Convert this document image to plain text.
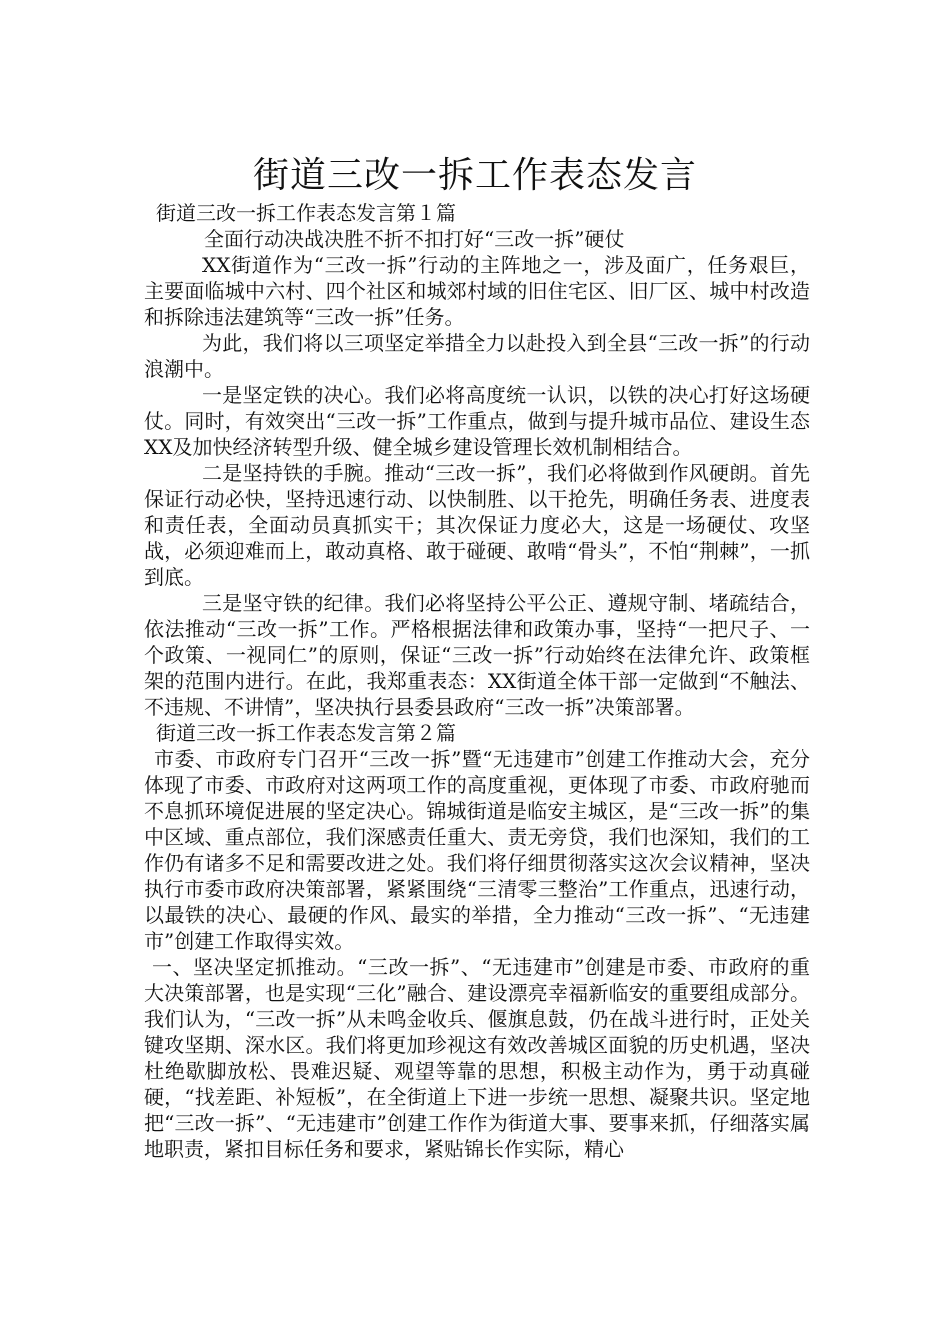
街道三改一拆工作表态发言
街道三改一拆工作表态发言第１篇
全面行动决战决胜不折不扣打好“三改一拆”硬仗

XX街道作为“三改一拆”行动的主阵地之一，涉及面广，任务艰巨，主要面临城中六村、四个社区和城郊村域的旧住宅区、旧厂区、城中村改造和拆除违法建筑等“三改一拆”任务。

为此，我们将以三项坚定举措全力以赴投入到全县“三改一拆”的行动浪潮中。

一是坚定铁的决心。我们必将高度统一认识，以铁的决心打好这场硬仗。同时，有效突出“三改一拆”工作重点，做到与提升城市品位、建设生态XX及加快经济转型升级、健全城乡建设管理长效机制相结合。

二是坚持铁的手腕。推动“三改一拆”，我们必将做到作风硬朗。首先保证行动必快，坚持迅速行动、以快制胜、以干抢先，明确任务表、进度表和责任表，全面动员真抓实干；其次保证力度必大，这是一场硬仗、攻坚战，必须迎难而上，敢动真格、敢于碰硬、敢啃“骨头”，不怕“荆棘”，一抓到底。

三是坚守铁的纪律。我们必将坚持公平公正、遵规守制、堵疏结合，依法推动“三改一拆”工作。严格根据法律和政策办事，坚持“一把尺子、一个政策、一视同仁”的原则，保证“三改一拆”行动始终在法律允许、政策框架的范围内进行。在此，我郑重表态：XX街道全体干部一定做到“不触法、不违规、不讲情”，坚决执行县委县政府“三改一拆”决策部署。

街道三改一拆工作表态发言第２篇

市委、市政府专门召开“三改一拆”暨“无违建市”创建工作推动大会，充分体现了市委、市政府对这两项工作的高度重视，更体现了市委、市政府驰而不息抓环境促进展的坚定决心。锦城街道是临安主城区，是“三改一拆”的集中区域、重点部位，我们深感责任重大、责无旁贷，我们也深知，我们的工作仍有诸多不足和需要改进之处。我们将仔细贯彻落实这次会议精神，坚决执行市委市政府决策部署，紧紧围绕“三清零三整治”工作重点，迅速行动，以最铁的决心、最硬的作风、最实的举措，全力推动“三改一拆”、“无违建市”创建工作取得实效。

一、坚决坚定抓推动。“三改一拆”、“无违建市”创建是市委、市政府的重大决策部署，也是实现“三化”融合、建设漂亮幸福新临安的重要组成部分。我们认为，“三改一拆”从未鸣金收兵、偃旗息鼓，仍在战斗进行时，正处关键攻坚期、深水区。我们将更加珍视这有效改善城区面貌的历史机遇，坚决杜绝歇脚放松、畏难迟疑、观望等靠的思想，积极主动作为，勇于动真碰硬，“找差距、补短板”，在全街道上下进一步统一思想、凝聚共识。坚定地把“三改一拆”、“无违建市”创建工作作为街道大事、要事来抓，仔细落实属地职责，紧扣目标任务和要求，紧贴锦长作实际，精心
